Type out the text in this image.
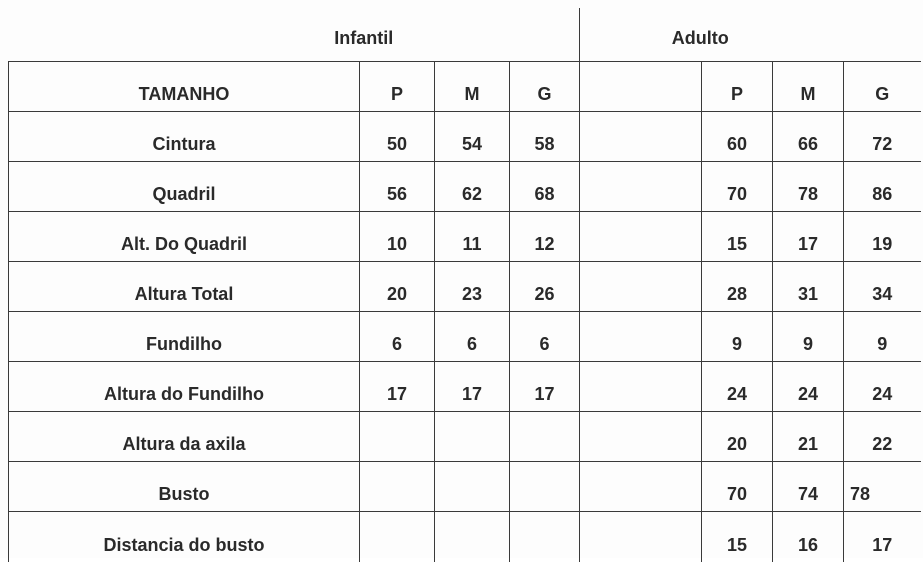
Infantil				Adulto			
TAMANHO	P	M	G		P	M	G
Cintura	50	54	58		60	66	72
Quadril	56	62	68		70	78	86
Alt. Do Quadril	10	11	12		15	17	19
Altura Total	20	23	26		28	31	34
Fundilho	6	6	6		9	9	9
Altura do Fundilho	17	17	17		24	24	24
Altura da axila					20	21	22
Busto					70	74	78
Distancia do busto					15	16	17
